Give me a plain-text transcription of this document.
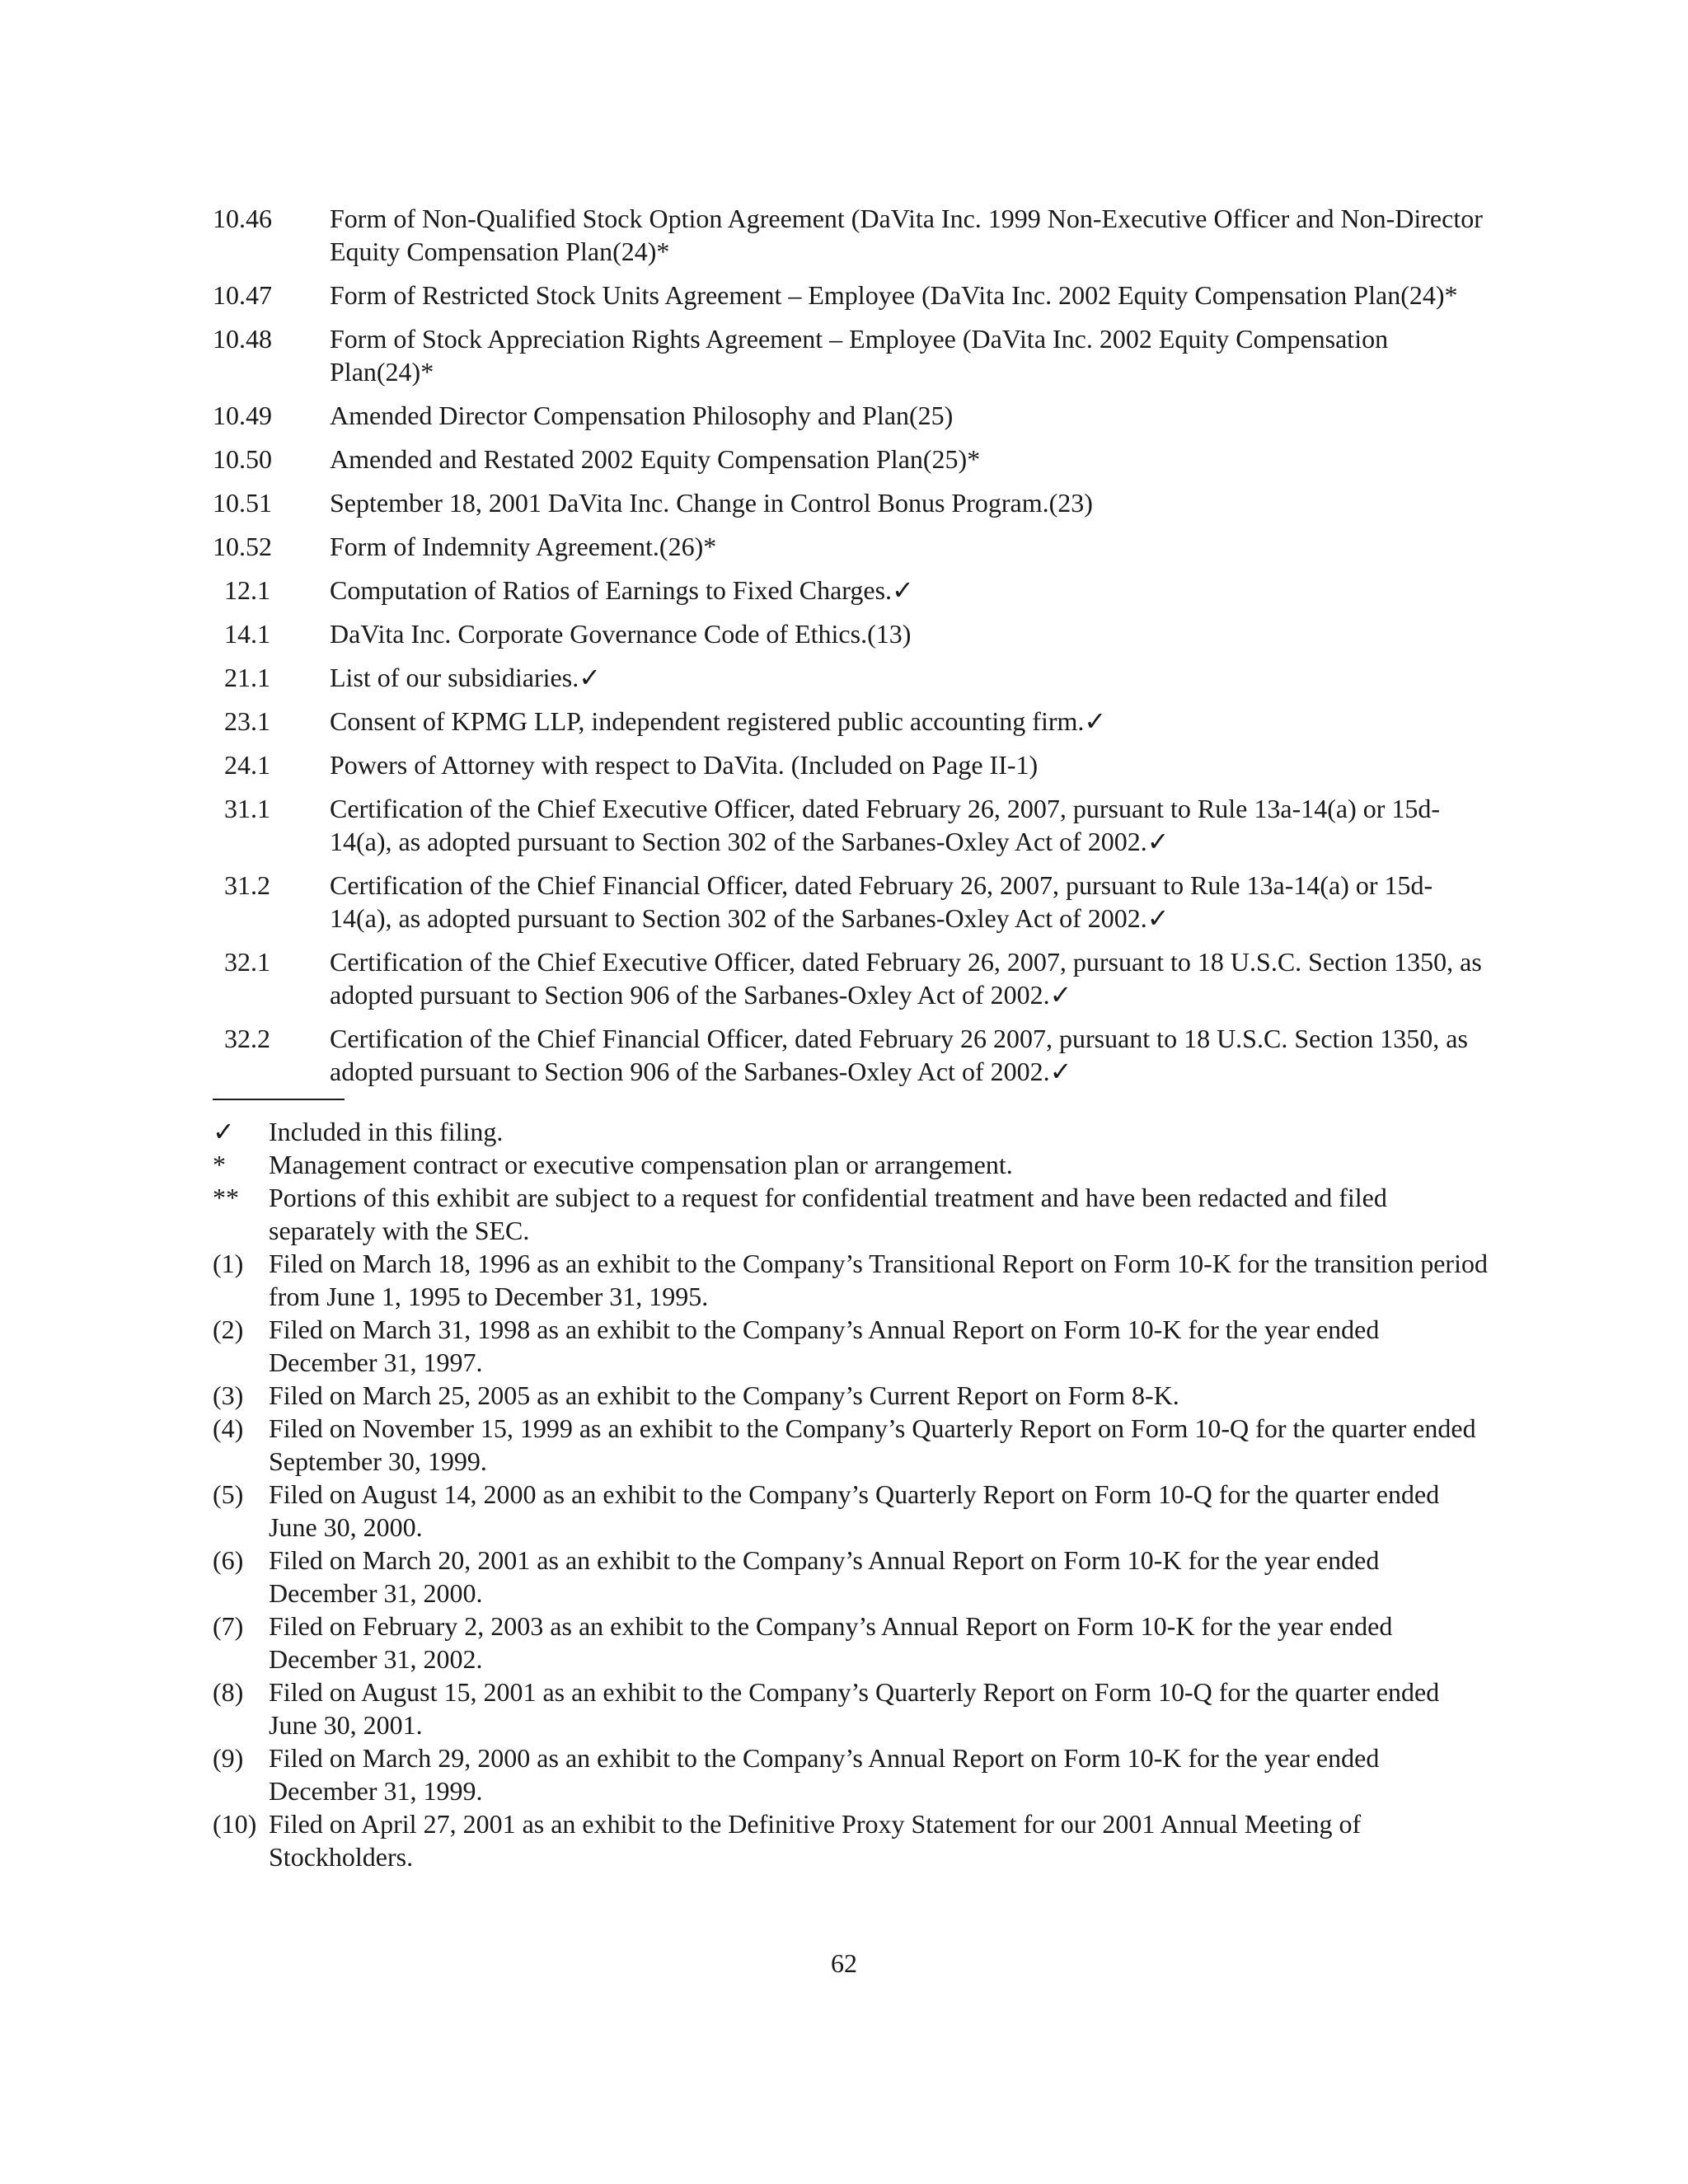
10.46	Form of Non-Qualified Stock Option Agreement (DaVita Inc. 1999 Non-Executive Officer and Non-Director Equity Compensation Plan(24)*
10.47	Form of Restricted Stock Units Agreement – Employee (DaVita Inc. 2002 Equity Compensation Plan(24)*
10.48	Form of Stock Appreciation Rights Agreement – Employee (DaVita Inc. 2002 Equity Compensation Plan(24)*
10.49	Amended Director Compensation Philosophy and Plan(25)
10.50	Amended and Restated 2002 Equity Compensation Plan(25)*
10.51	September 18, 2001 DaVita Inc. Change in Control Bonus Program.(23)
10.52	Form of Indemnity Agreement.(26)*
12.1	Computation of Ratios of Earnings to Fixed Charges.✓
14.1	DaVita Inc. Corporate Governance Code of Ethics.(13)
21.1	List of our subsidiaries.✓
23.1	Consent of KPMG LLP, independent registered public accounting firm.✓
24.1	Powers of Attorney with respect to DaVita. (Included on Page II-1)
31.1	Certification of the Chief Executive Officer, dated February 26, 2007, pursuant to Rule 13a-14(a) or 15d-14(a), as adopted pursuant to Section 302 of the Sarbanes-Oxley Act of 2002.✓
31.2	Certification of the Chief Financial Officer, dated February 26, 2007, pursuant to Rule 13a-14(a) or 15d-14(a), as adopted pursuant to Section 302 of the Sarbanes-Oxley Act of 2002.✓
32.1	Certification of the Chief Executive Officer, dated February 26, 2007, pursuant to 18 U.S.C. Section 1350, as adopted pursuant to Section 906 of the Sarbanes-Oxley Act of 2002.✓
32.2	Certification of the Chief Financial Officer, dated February 26 2007, pursuant to 18 U.S.C. Section 1350, as adopted pursuant to Section 906 of the Sarbanes-Oxley Act of 2002.✓
✓	Included in this filing.
*	Management contract or executive compensation plan or arrangement.
**	Portions of this exhibit are subject to a request for confidential treatment and have been redacted and filed separately with the SEC.
(1) Filed on March 18, 1996 as an exhibit to the Company’s Transitional Report on Form 10-K for the transition period from June 1, 1995 to December 31, 1995.
(2) Filed on March 31, 1998 as an exhibit to the Company’s Annual Report on Form 10-K for the year ended December 31, 1997.
(3) Filed on March 25, 2005 as an exhibit to the Company’s Current Report on Form 8-K.
(4) Filed on November 15, 1999 as an exhibit to the Company’s Quarterly Report on Form 10-Q for the quarter ended September 30, 1999.
(5) Filed on August 14, 2000 as an exhibit to the Company’s Quarterly Report on Form 10-Q for the quarter ended June 30, 2000.
(6) Filed on March 20, 2001 as an exhibit to the Company’s Annual Report on Form 10-K for the year ended December 31, 2000.
(7) Filed on February 2, 2003 as an exhibit to the Company’s Annual Report on Form 10-K for the year ended December 31, 2002.
(8) Filed on August 15, 2001 as an exhibit to the Company’s Quarterly Report on Form 10-Q for the quarter ended June 30, 2001.
(9) Filed on March 29, 2000 as an exhibit to the Company’s Annual Report on Form 10-K for the year ended December 31, 1999.
(10) Filed on April 27, 2001 as an exhibit to the Definitive Proxy Statement for our 2001 Annual Meeting of Stockholders.
62
